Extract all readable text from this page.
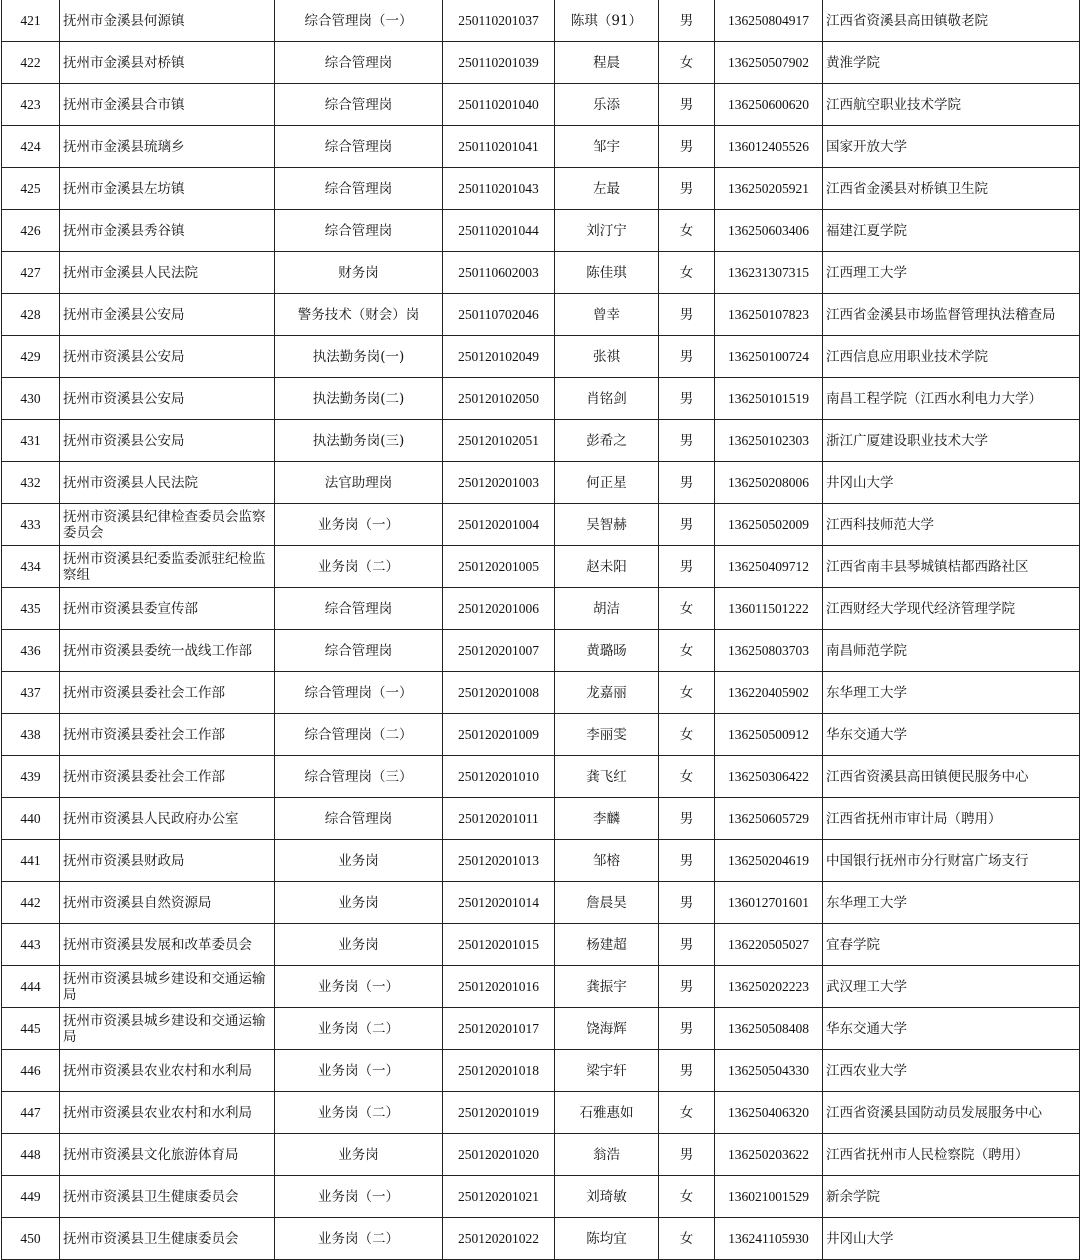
421	抚州市金溪县何源镇	综合管理岗（一）	250110201037	陈琪（91）	男	136250804917	江西省资溪县高田镇敬老院
422	抚州市金溪县对桥镇	综合管理岗	250110201039	程晨	女	136250507902	黄淮学院
423	抚州市金溪县合市镇	综合管理岗	250110201040	乐添	男	136250600620	江西航空职业技术学院
424	抚州市金溪县琉璃乡	综合管理岗	250110201041	邹宇	男	136012405526	国家开放大学
425	抚州市金溪县左坊镇	综合管理岗	250110201043	左最	男	136250205921	江西省金溪县对桥镇卫生院
426	抚州市金溪县秀谷镇	综合管理岗	250110201044	刘汀宁	女	136250603406	福建江夏学院
427	抚州市金溪县人民法院	财务岗	250110602003	陈佳琪	女	136231307315	江西理工大学
428	抚州市金溪县公安局	警务技术（财会）岗	250110702046	曾幸	男	136250107823	江西省金溪县市场监督管理执法稽查局
429	抚州市资溪县公安局	执法勤务岗(一)	250120102049	张祺	男	136250100724	江西信息应用职业技术学院
430	抚州市资溪县公安局	执法勤务岗(二)	250120102050	肖铭剑	男	136250101519	南昌工程学院（江西水利电力大学）
431	抚州市资溪县公安局	执法勤务岗(三)	250120102051	彭希之	男	136250102303	浙江广厦建设职业技术大学
432	抚州市资溪县人民法院	法官助理岗	250120201003	何正星	男	136250208006	井冈山大学
433	抚州市资溪县纪律检查委员会监察委员会	业务岗（一）	250120201004	吴智赫	男	136250502009	江西科技师范大学
434	抚州市资溪县纪委监委派驻纪检监察组	业务岗（二）	250120201005	赵未阳	男	136250409712	江西省南丰县琴城镇桔都西路社区
435	抚州市资溪县委宣传部	综合管理岗	250120201006	胡洁	女	136011501222	江西财经大学现代经济管理学院
436	抚州市资溪县委统一战线工作部	综合管理岗	250120201007	黄璐旸	女	136250803703	南昌师范学院
437	抚州市资溪县委社会工作部	综合管理岗（一）	250120201008	龙嘉丽	女	136220405902	东华理工大学
438	抚州市资溪县委社会工作部	综合管理岗（二）	250120201009	李丽雯	女	136250500912	华东交通大学
439	抚州市资溪县委社会工作部	综合管理岗（三）	250120201010	龚飞红	女	136250306422	江西省资溪县高田镇便民服务中心
440	抚州市资溪县人民政府办公室	综合管理岗	250120201011	李麟	男	136250605729	江西省抚州市审计局（聘用）
441	抚州市资溪县财政局	业务岗	250120201013	邹榕	男	136250204619	中国银行抚州市分行财富广场支行
442	抚州市资溪县自然资源局	业务岗	250120201014	詹晨昊	男	136012701601	东华理工大学
443	抚州市资溪县发展和改革委员会	业务岗	250120201015	杨建超	男	136220505027	宜春学院
444	抚州市资溪县城乡建设和交通运输局	业务岗（一）	250120201016	龚振宇	男	136250202223	武汉理工大学
445	抚州市资溪县城乡建设和交通运输局	业务岗（二）	250120201017	饶海辉	男	136250508408	华东交通大学
446	抚州市资溪县农业农村和水利局	业务岗（一）	250120201018	梁宇轩	男	136250504330	江西农业大学
447	抚州市资溪县农业农村和水利局	业务岗（二）	250120201019	石雅惠如	女	136250406320	江西省资溪县国防动员发展服务中心
448	抚州市资溪县文化旅游体育局	业务岗	250120201020	翁浩	男	136250203622	江西省抚州市人民检察院（聘用）
449	抚州市资溪县卫生健康委员会	业务岗（一）	250120201021	刘琦敏	女	136021001529	新余学院
450	抚州市资溪县卫生健康委员会	业务岗（二）	250120201022	陈均宜	女	136241105930	井冈山大学
